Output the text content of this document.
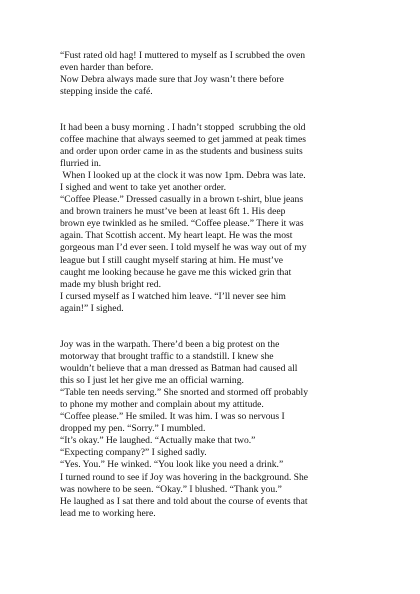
“Fust rated old hag! I muttered to myself as I scrubbed the oven

even harder than before.

Now Debra always made sure that Joy wasn’t there before

stepping inside the café.

It had been a busy morning . I hadn’t stopped  scrubbing the old

coffee machine that always seemed to get jammed at peak times

and order upon order came in as the students and business suits

flurried in.

When I looked up at the clock it was now 1pm. Debra was late.

I sighed and went to take yet another order.

“Coffee Please.” Dressed casually in a brown t-shirt, blue jeans

and brown trainers he must’ve been at least 6ft 1. His deep

brown eye twinkled as he smiled. “Coffee please.” There it was

again. That Scottish accent. My heart leapt. He was the most

gorgeous man I’d ever seen. I told myself he was way out of my

league but I still caught myself staring at him. He must’ve

caught me looking because he gave me this wicked grin that

made my blush bright red.

I cursed myself as I watched him leave. “I’ll never see him

again!” I sighed.

Joy was in the warpath. There’d been a big protest on the

motorway that brought traffic to a standstill. I knew she

wouldn’t believe that a man dressed as Batman had caused all

this so I just let her give me an official warning.

“Table ten needs serving.” She snorted and stormed off probably

to phone my mother and complain about my attitude.

“Coffee please.” He smiled. It was him. I was so nervous I

dropped my pen. “Sorry.” I mumbled.

“It’s okay.” He laughed. “Actually make that two.”

“Expecting company?” I sighed sadly.

“Yes. You.” He winked. “You look like you need a drink.”

I turned round to see if Joy was hovering in the background. She

was nowhere to be seen. “Okay.” I blushed. “Thank you.”

He laughed as I sat there and told about the course of events that

lead me to working here.
